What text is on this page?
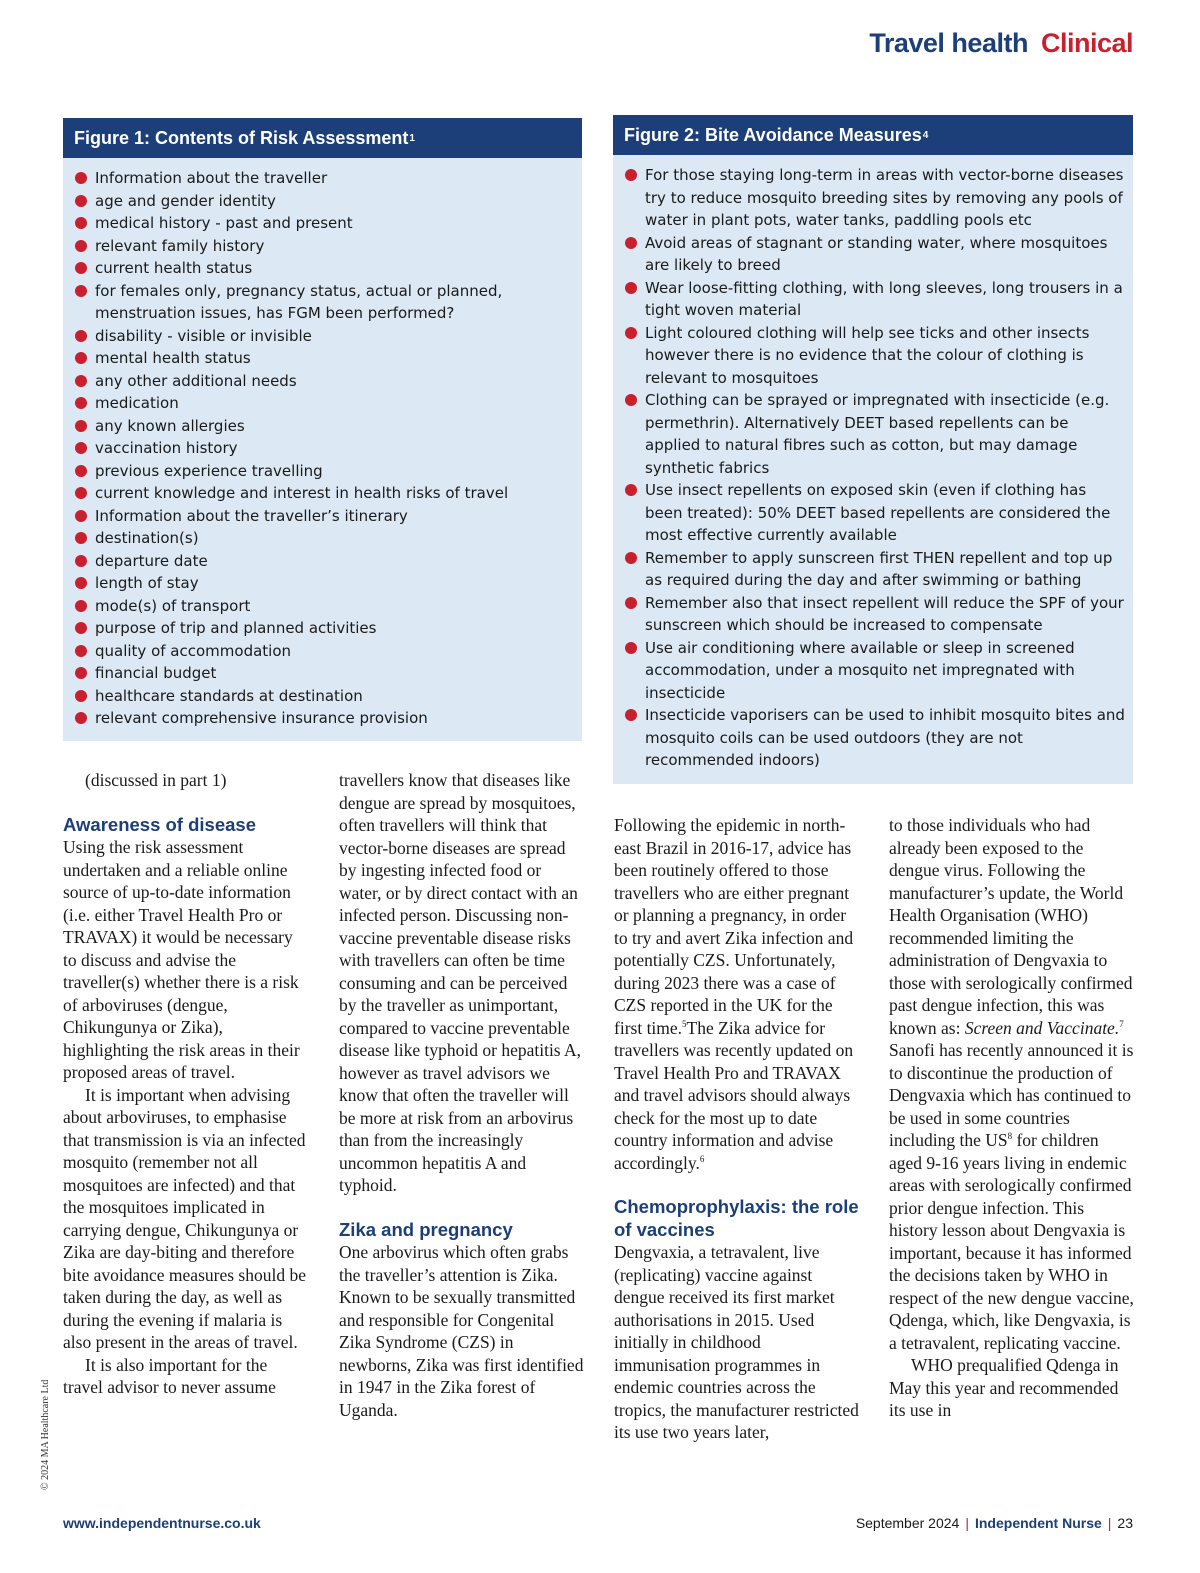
Travel health Clinical
Figure 1: Contents of Risk Assessment 1
Information about the traveller
age and gender identity
medical history - past and present
relevant family history
current health status
for females only, pregnancy status, actual or planned, menstruation issues, has FGM been performed?
disability - visible or invisible
mental health status
any other additional needs
medication
any known allergies
vaccination history
previous experience travelling
current knowledge and interest in health risks of travel
Information about the traveller’s itinerary
destination(s)
departure date
length of stay
mode(s) of transport
purpose of trip and planned activities
quality of accommodation
financial budget
healthcare standards at destination
relevant comprehensive insurance provision
Figure 2: Bite Avoidance Measures 4
For those staying long-term in areas with vector-borne diseases try to reduce mosquito breeding sites by removing any pools of water in plant pots, water tanks, paddling pools etc
Avoid areas of stagnant or standing water, where mosquitoes are likely to breed
Wear loose-fitting clothing, with long sleeves, long trousers in a tight woven material
Light coloured clothing will help see ticks and other insects however there is no evidence that the colour of clothing is relevant to mosquitoes
Clothing can be sprayed or impregnated with insecticide (e.g. permethrin). Alternatively DEET based repellents can be applied to natural fibres such as cotton, but may damage synthetic fabrics
Use insect repellents on exposed skin (even if clothing has been treated): 50% DEET based repellents are considered the most effective currently available
Remember to apply sunscreen first THEN repellent and top up as required during the day and after swimming or bathing
Remember also that insect repellent will reduce the SPF of your sunscreen which should be increased to compensate
Use air conditioning where available or sleep in screened accommodation, under a mosquito net impregnated with insecticide
Insecticide vaporisers can be used to inhibit mosquito bites and mosquito coils can be used outdoors (they are not recommended indoors)

(discussed in part 1)

Awareness of disease

Using the risk assessment undertaken and a reliable online source of up-to-date information (i.e. either Travel Health Pro or TRAVAX) it would be necessary to discuss and advise the traveller(s) whether there is a risk of arboviruses (dengue, Chikungunya or Zika), highlighting the risk areas in their proposed areas of travel.

It is important when advising about arboviruses, to emphasise that transmission is via an infected mosquito (remember not all mosquitoes are infected) and that the mosquitoes implicated in carrying dengue, Chikungunya or Zika are day-biting and therefore bite avoidance measures should be taken during the day, as well as during the evening if malaria is also present in the areas of travel.

It is also important for the travel advisor to never assume

travellers know that diseases like dengue are spread by mosquitoes, often travellers will think that vector-borne diseases are spread by ingesting infected food or water, or by direct contact with an infected person. Discussing non-vaccine preventable disease risks with travellers can often be time consuming and can be perceived by the traveller as unimportant, compared to vaccine preventable disease like typhoid or hepatitis A, however as travel advisors we know that often the traveller will be more at risk from an arbovirus than from the increasingly uncommon hepatitis A and typhoid.

Zika and pregnancy

One arbovirus which often grabs the traveller’s attention is Zika. Known to be sexually transmitted and responsible for Congenital Zika Syndrome (CZS) in newborns, Zika was first identified in 1947 in the Zika forest of Uganda.

Following the epidemic in north-east Brazil in 2016-17, advice has been routinely offered to those travellers who are either pregnant or planning a pregnancy, in order to try and avert Zika infection and potentially CZS. Unfortunately, during 2023 there was a case of CZS reported in the UK for the first time.$^5$The Zika advice for travellers was recently updated on Travel Health Pro and TRAVAX and travel advisors should always check for the most up to date country information and advise accordingly.$^6$

Chemoprophylaxis: the role of vaccines

Dengvaxia, a tetravalent, live (replicating) vaccine against dengue received its first market authorisations in 2015. Used initially in childhood immunisation programmes in endemic countries across the tropics, the manufacturer restricted its use two years later,

to those individuals who had already been exposed to the dengue virus. Following the manufacturer’s update, the World Health Organisation (WHO) recommended limiting the administration of Dengvaxia to those with serologically confirmed past dengue infection, this was known as: Screen and Vaccinate.$^7$ Sanofi has recently announced it is to discontinue the production of Dengvaxia which has continued to be used in some countries including the $US^8$ for children aged 9-16 years living in endemic areas with serologically confirmed prior dengue infection. This history lesson about Dengvaxia is important, because it has informed the decisions taken by WHO in respect of the new dengue vaccine, Qdenga, which, like Dengvaxia, is a tetravalent, replicating vaccine.

WHO prequalified Qdenga in May this year and recommended its use in

© 2024 MA Healthcare Ltd
www.independentnurse.co.uk	September 2024 | Independent Nurse | 23
